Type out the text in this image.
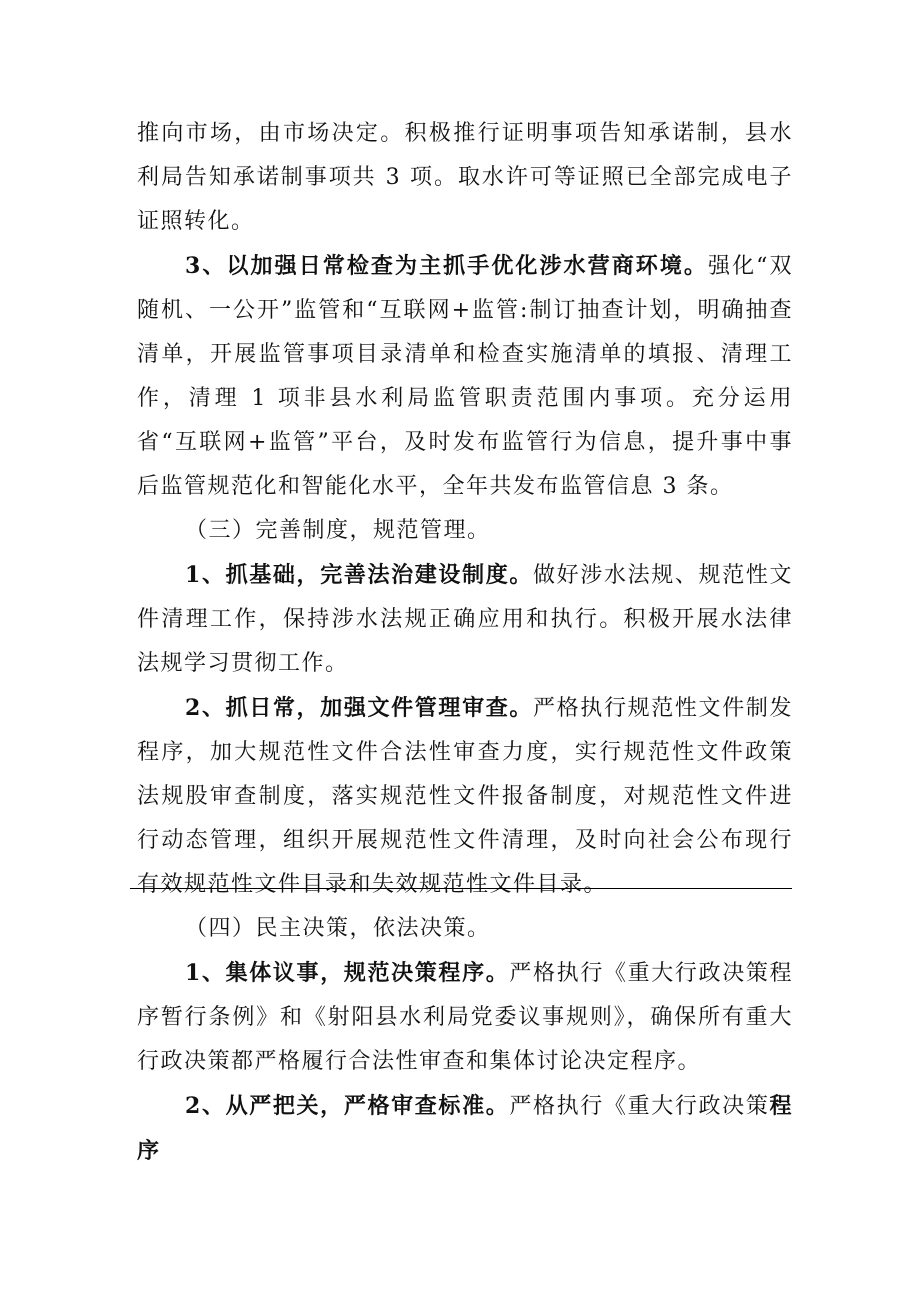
推向市场，由市场决定。积极推行证明事项告知承诺制，县水利局告知承诺制事项共 3 项。取水许可等证照已全部完成电子证照转化。

3、以加强日常检查为主抓手优化涉水营商环境。强化“双随机、一公开”监管和“互联网+监管:制订抽查计划，明确抽查清单，开展监管事项目录清单和检查实施清单的填报、清理工作，清理 1 项非县水利局监管职责范围内事项。充分运用省“互联网+监管”平台，及时发布监管行为信息，提升事中事后监管规范化和智能化水平，全年共发布监管信息 3 条。

（三）完善制度，规范管理。

1、抓基础，完善法治建设制度。做好涉水法规、规范性文件清理工作，保持涉水法规正确应用和执行。积极开展水法律法规学习贯彻工作。

2、抓日常，加强文件管理审查。严格执行规范性文件制发程序，加大规范性文件合法性审查力度，实行规范性文件政策法规股审查制度，落实规范性文件报备制度，对规范性文件进行动态管理，组织开展规范性文件清理，及时向社会公布现行有效规范性文件目录和失效规范性文件目录。

（四）民主决策，依法决策。

1、集体议事，规范决策程序。严格执行《重大行政决策程序暂行条例》和《射阳县水利局党委议事规则》，确保所有重大行政决策都严格履行合法性审查和集体讨论决定程序。

2、从严把关，严格审查标准。严格执行《重大行政决策程序
